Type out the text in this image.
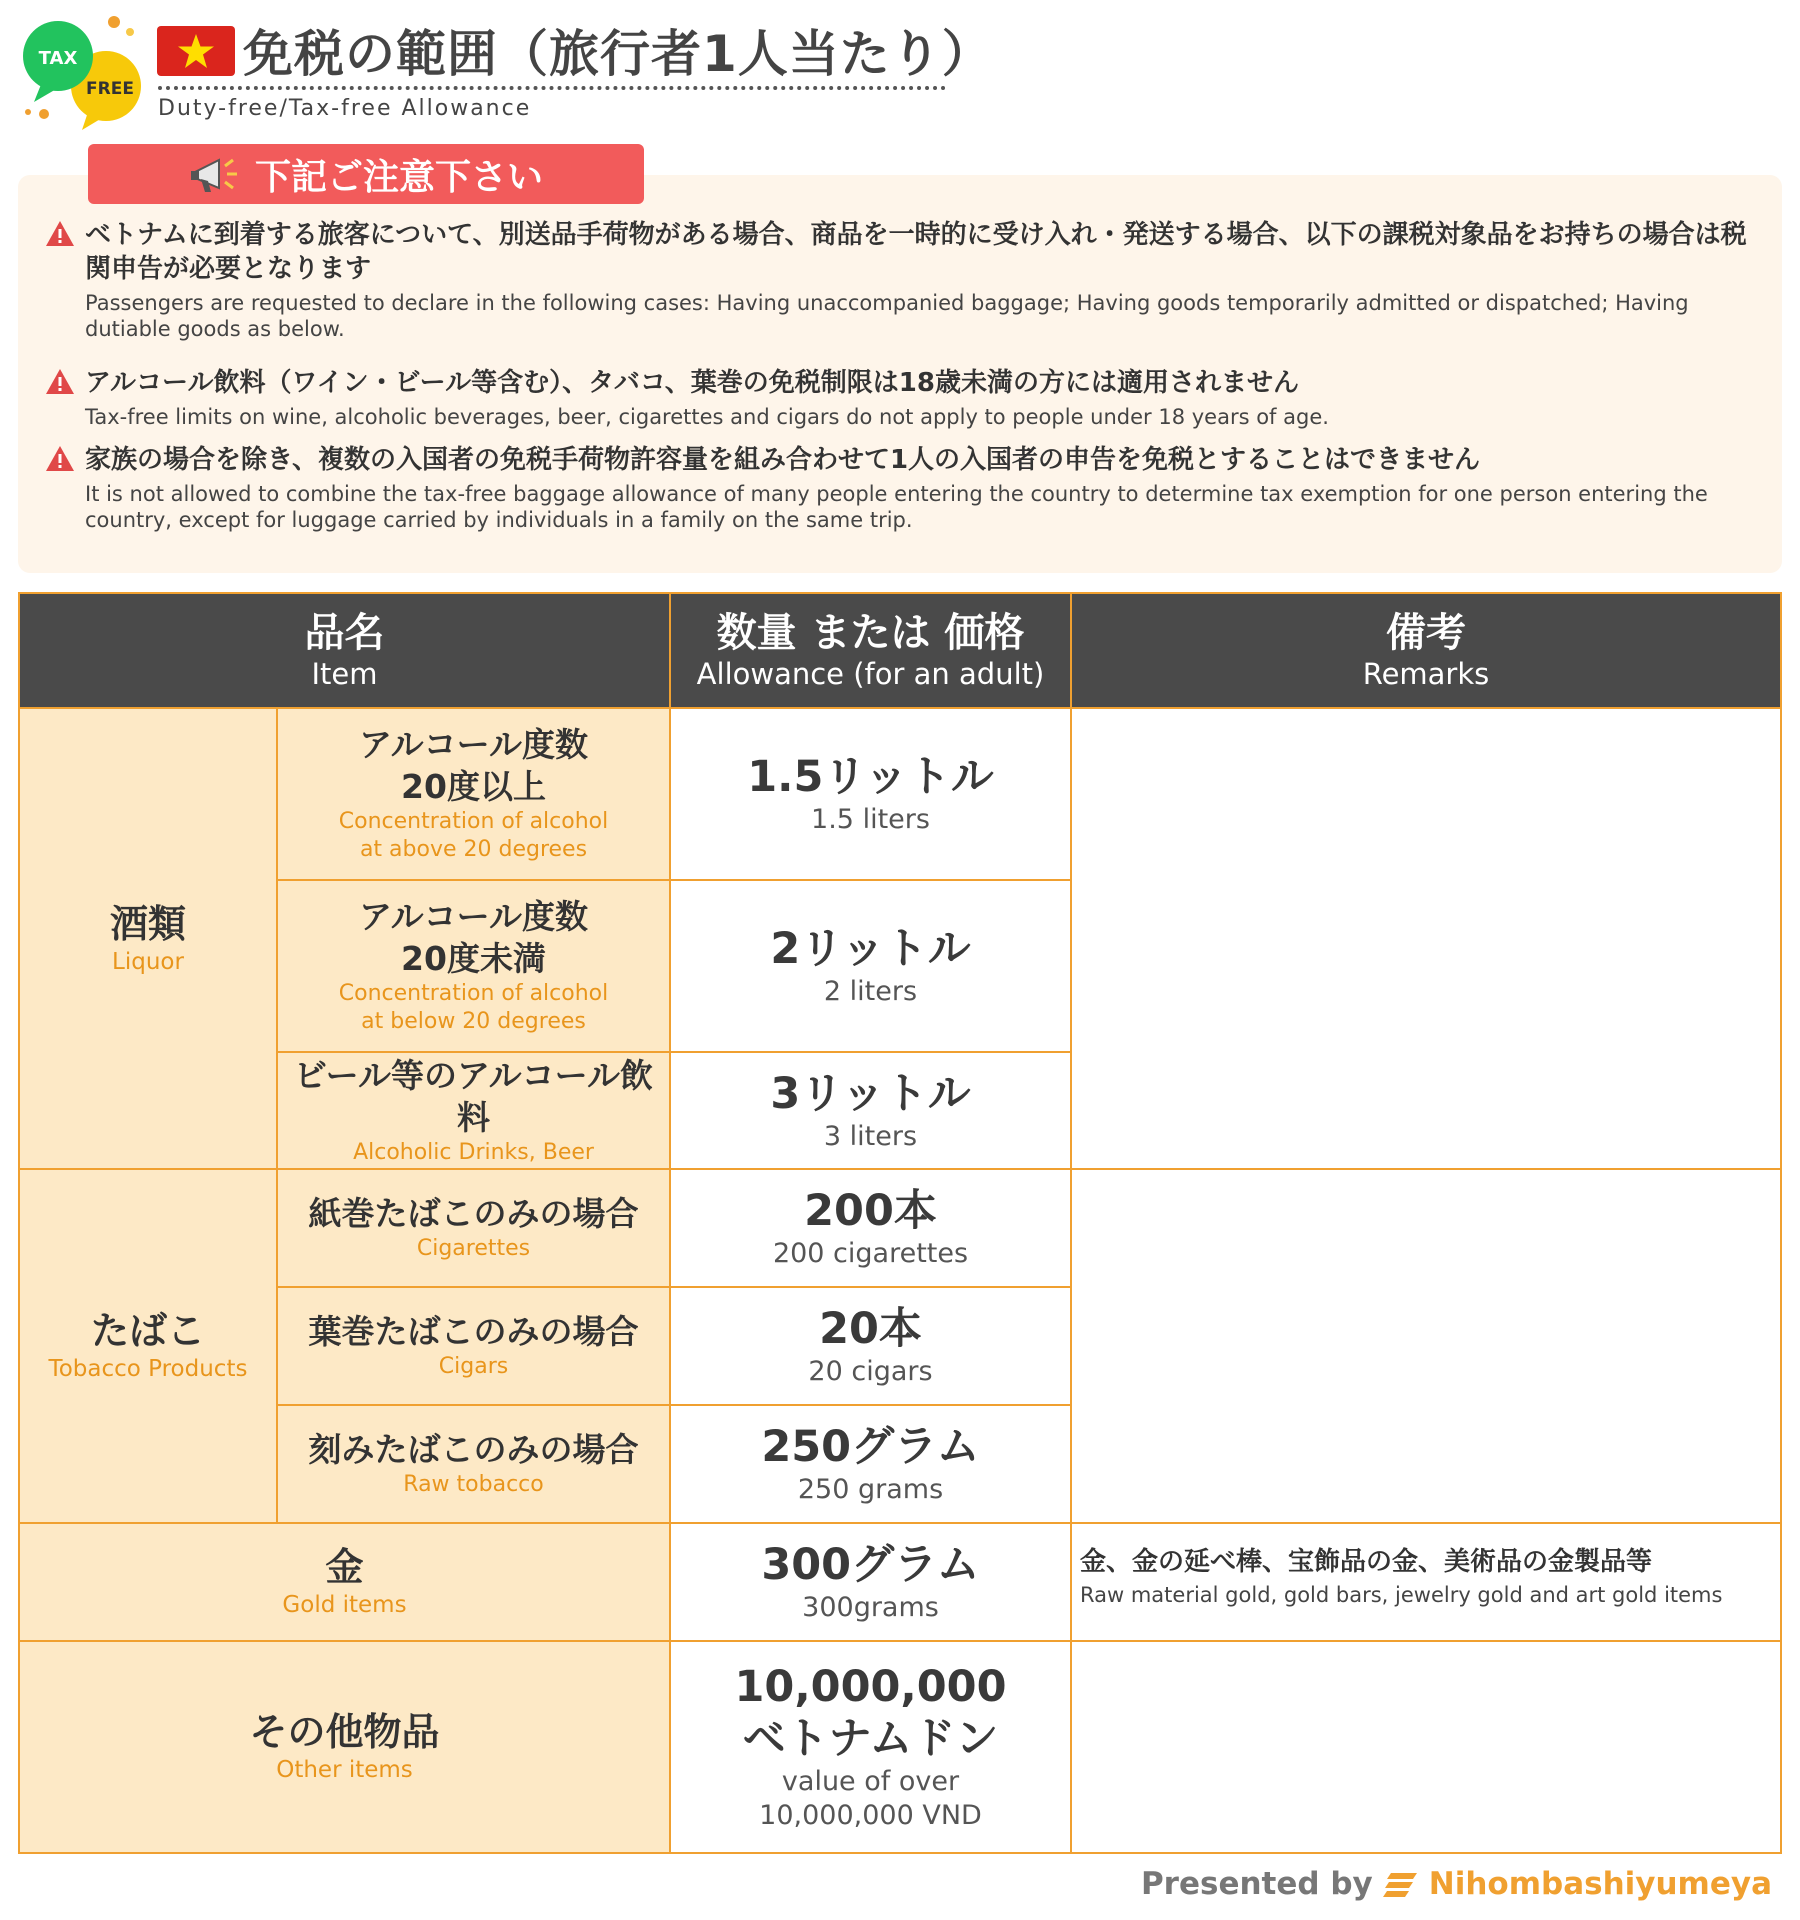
TAX
FREE
免税の範囲（旅行者1人当たり）
Duty-free/Tax-free Allowance
下記ご注意下さい
ベトナムに到着する旅客について、別送品手荷物がある場合、商品を一時的に受け入れ・発送する場合、以下の課税対象品をお持ちの場合は税関申告が必要となります
Passengers are requested to declare in the following cases: Having unaccompanied baggage; Having goods temporarily admitted or dispatched; Having dutiable goods as below.
アルコール飲料（ワイン・ビール等含む）、タバコ、葉巻の免税制限は18歳未満の方には適用されません
Tax-free limits on wine, alcoholic beverages, beer, cigarettes and cigars do not apply to people under 18 years of age.
家族の場合を除き、複数の入国者の免税手荷物許容量を組み合わせて1人の入国者の申告を免税とすることはできません
It is not allowed to combine the tax-free baggage allowance of many people entering the country to determine tax exemption for one person entering the country, except for luggage carried by individuals in a family on the same trip.
品名
Item
数量 または 価格
Allowance (for an adult)
備考
Remarks
酒類
Liquor
アルコール度数
20度以上
Concentration of alcohol
at above 20 degrees
1.5リットル
1.5 liters
アルコール度数
20度未満
Concentration of alcohol
at below 20 degrees
2リットル
2 liters
ビール等のアルコール飲料
Alcoholic Drinks, Beer
3リットル
3 liters
たばこ
Tobacco Products
紙巻たばこのみの場合
Cigarettes
200本
200 cigarettes
葉巻たばこのみの場合
Cigars
20本
20 cigars
刻みたばこのみの場合
Raw tobacco
250グラム
250 grams
金
Gold items
300グラム
300grams
金、金の延べ棒、宝飾品の金、美術品の金製品等
Raw material gold, gold bars, jewelry gold and art gold items
その他物品
Other items
10,000,000
ベトナムドン
value of over
10,000,000 VND
Presented by Nihombashiyumeya
